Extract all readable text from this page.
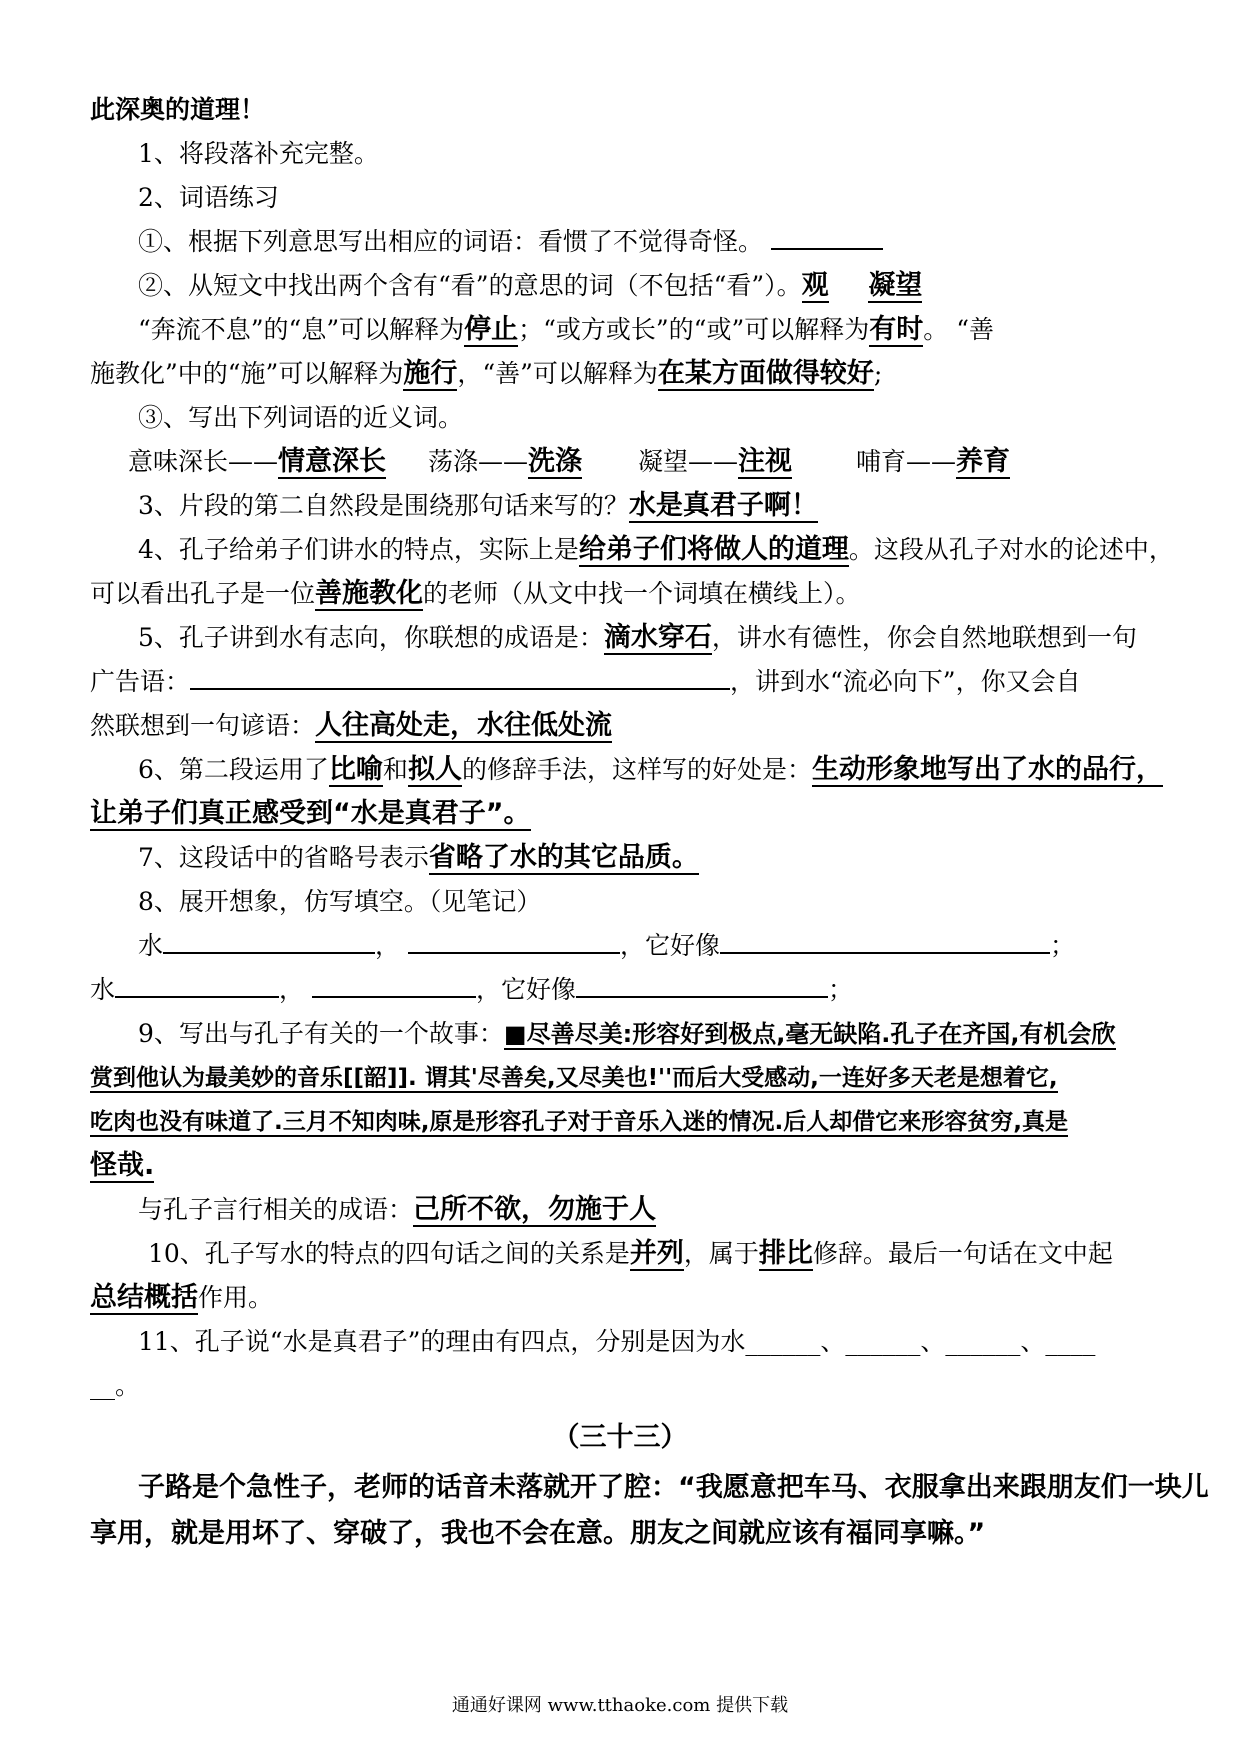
此深奥的道理！
1、将段落补充完整。
2、词语练习
①、根据下列意思写出相应的词语：看惯了不觉得奇怪。
②、从短文中找出两个含有“看”的意思的词（不包括“看”）。观 凝望
“奔流不息”的“息”可以解释为停止；“或方或长”的“或”可以解释为有时。 “善
施教化”中的“施”可以解释为施行，“善”可以解释为在某方面做得较好;
③、写出下列词语的近义词。
意味深长——情意深长 荡涤——洗涤 凝望——注视	哺育——养育
3、片段的第二自然段是围绕那句话来写的？水是真君子啊！
4、孔子给弟子们讲水的特点，实际上是给弟子们将做人的道理。这段从孔子对水的论述中，
可以看出孔子是一位善施教化的老师（从文中找一个词填在横线上）。
5、孔子讲到水有志向，你联想的成语是：滴水穿石，讲水有德性，你会自然地联想到一句
广告语：	，讲到水“流必向下”，你又会自
然联想到一句谚语：人往高处走，水往低处流
6、第二段运用了比喻和拟人的修辞手法，这样写的好处是：生动形象地写出了水的品行，
让弟子们真正感受到“水是真君子”。
7、这段话中的省略号表示省略了水的其它品质。
8、展开想象，仿写填空。（见笔记）
水	，	，它好像	；
水	，	，它好像	；
9、写出与孔子有关的一个故事：■尽善尽美:形容好到极点,毫无缺陷.孔子在齐国,有机会欣
赏到他认为最美妙的音乐[[韶]]. 谓其'尽善矣,又尽美也!''而后大受感动,一连好多天老是想着它,
吃肉也没有味道了.三月不知肉味,原是形容孔子对于音乐入迷的情况.后人却借它来形容贫穷,真是
怪哉.
与孔子言行相关的成语：己所不欲，勿施于人
10、孔子写水的特点的四句话之间的关系是并列，属于排比修辞。最后一句话在文中起
总结概括作用。
11、孔子说“水是真君子”的理由有四点，分别是因为水______、______、______、____
__。
（三十三）
子路是个急性子，老师的话音未落就开了腔：“我愿意把车马、衣服拿出来跟朋友们一块儿
享用，就是用坏了、穿破了，我也不会在意。朋友之间就应该有福同享嘛。”
通通好课网 www.tthaoke.com 提供下载
